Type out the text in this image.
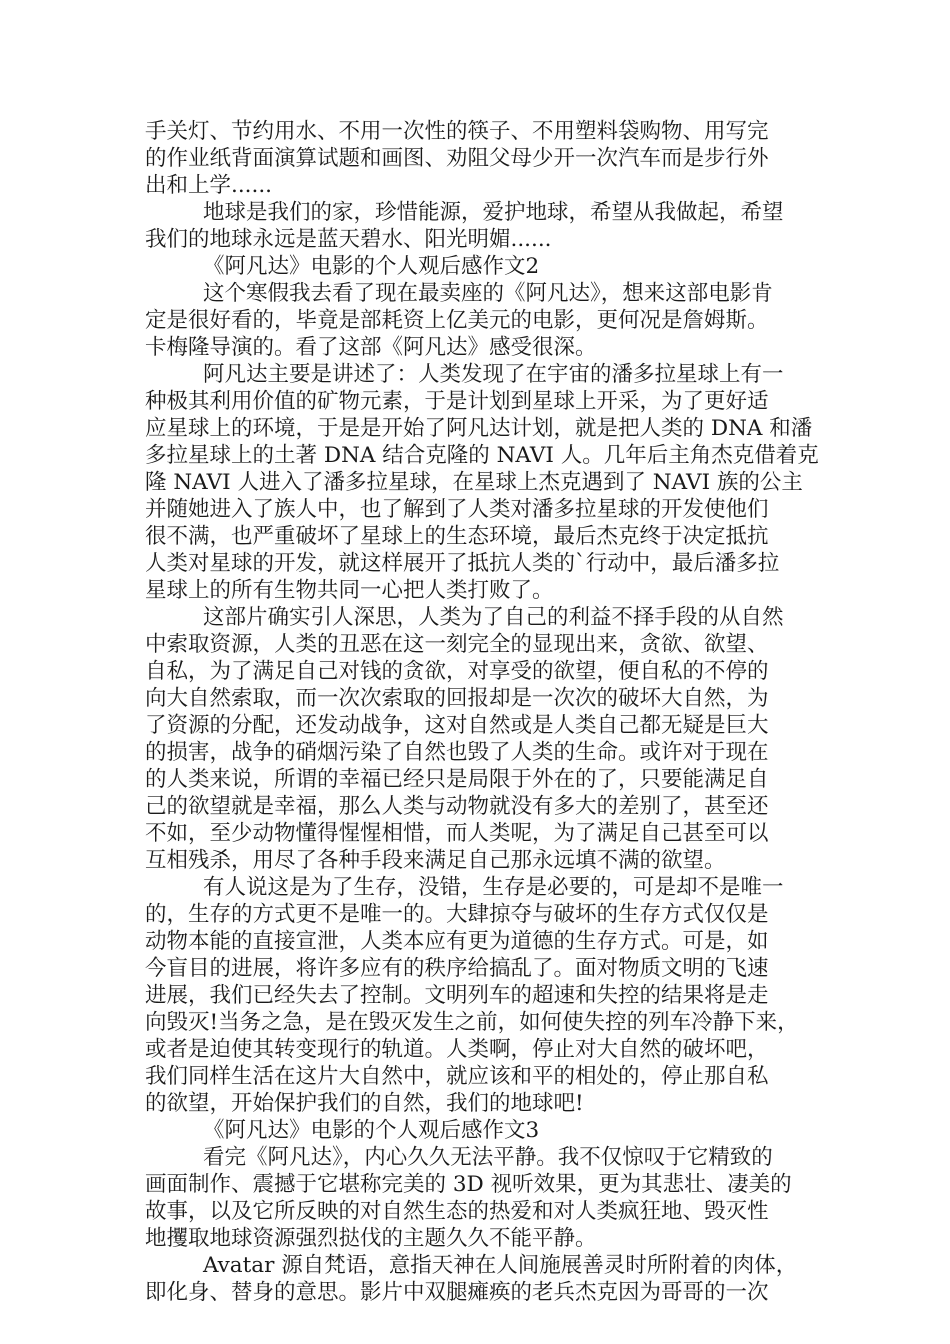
手关灯、节约用水、不用一次性的筷子、不用塑料袋购物、用写完
的作业纸背面演算试题和画图、劝阻父母少开一次汽车而是步行外
出和上学......
地球是我们的家，珍惜能源，爱护地球，希望从我做起，希望
我们的地球永远是蓝天碧水、阳光明媚......
《阿凡达》电影的个人观后感作文2
这个寒假我去看了现在最卖座的《阿凡达》，想来这部电影肯
定是很好看的，毕竟是部耗资上亿美元的电影，更何况是詹姆斯。
卡梅隆导演的。看了这部《阿凡达》感受很深。
阿凡达主要是讲述了：人类发现了在宇宙的潘多拉星球上有一
种极其利用价值的矿物元素，于是计划到星球上开采，为了更好适
应星球上的环境，于是是开始了阿凡达计划，就是把人类的 DNA 和潘
多拉星球上的土著 DNA 结合克隆的 NAVI 人。几年后主角杰克借着克
隆 NAVI 人进入了潘多拉星球，在星球上杰克遇到了 NAVI 族的公主
并随她进入了族人中，也了解到了人类对潘多拉星球的开发使他们
很不满，也严重破坏了星球上的生态环境，最后杰克终于决定抵抗
人类对星球的开发，就这样展开了抵抗人类的`行动中，最后潘多拉
星球上的所有生物共同一心把人类打败了。
这部片确实引人深思，人类为了自己的利益不择手段的从自然
中索取资源，人类的丑恶在这一刻完全的显现出来，贪欲、欲望、
自私，为了满足自己对钱的贪欲，对享受的欲望，便自私的不停的
向大自然索取，而一次次索取的回报却是一次次的破坏大自然，为
了资源的分配，还发动战争，这对自然或是人类自己都无疑是巨大
的损害，战争的硝烟污染了自然也毁了人类的生命。或许对于现在
的人类来说，所谓的幸福已经只是局限于外在的了，只要能满足自
己的欲望就是幸福，那么人类与动物就没有多大的差别了，甚至还
不如，至少动物懂得惺惺相惜，而人类呢，为了满足自己甚至可以
互相残杀，用尽了各种手段来满足自己那永远填不满的欲望。
有人说这是为了生存，没错，生存是必要的，可是却不是唯一
的，生存的方式更不是唯一的。大肆掠夺与破坏的生存方式仅仅是
动物本能的直接宣泄，人类本应有更为道德的生存方式。可是，如
今盲目的进展，将许多应有的秩序给搞乱了。面对物质文明的飞速
进展，我们已经失去了控制。文明列车的超速和失控的结果将是走
向毁灭!当务之急，是在毁灭发生之前，如何使失控的列车冷静下来，
或者是迫使其转变现行的轨道。人类啊，停止对大自然的破坏吧，
我们同样生活在这片大自然中，就应该和平的相处的，停止那自私
的欲望，开始保护我们的自然，我们的地球吧!
《阿凡达》电影的个人观后感作文3
看完《阿凡达》，内心久久无法平静。我不仅惊叹于它精致的
画面制作、震撼于它堪称完美的 3D 视听效果，更为其悲壮、凄美的
故事，以及它所反映的对自然生态的热爱和对人类疯狂地、毁灭性
地攫取地球资源强烈挞伐的主题久久不能平静。
Avatar 源自梵语，意指天神在人间施展善灵时所附着的肉体，
即化身、替身的意思。影片中双腿瘫痪的老兵杰克因为哥哥的一次
